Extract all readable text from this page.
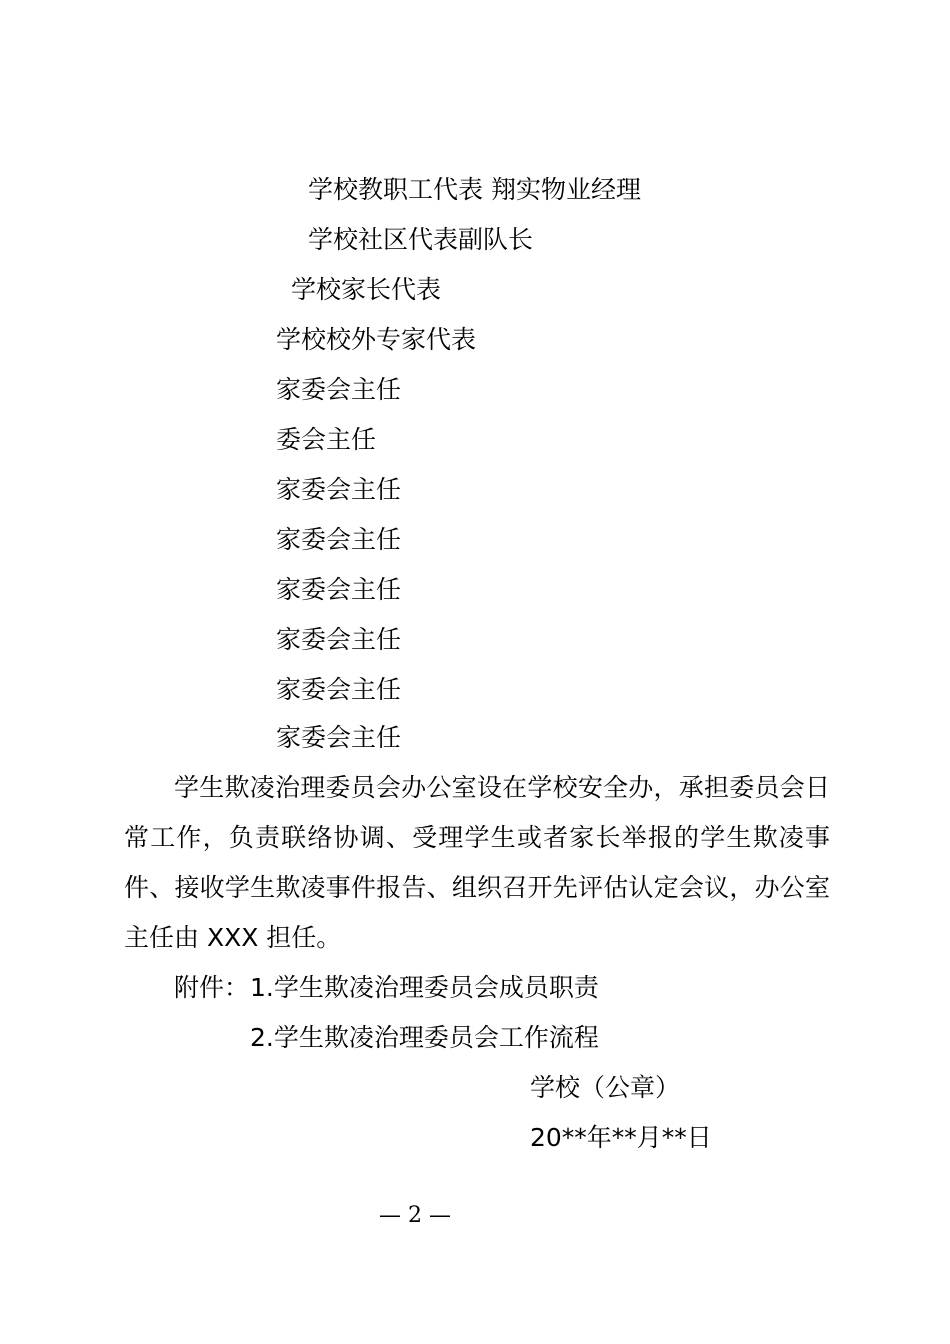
学校教职工代表 翔实物业经理
学校社区代表副队长
学校家长代表
学校校外专家代表
家委会主任
委会主任
家委会主任
家委会主任
家委会主任
家委会主任
家委会主任
家委会主任
学生欺凌治理委员会办公室设在学校安全办，承担委员会日常工作，负责联络协调、受理学生或者家长举报的学生欺凌事件、接收学生欺凌事件报告、组织召开先评估认定会议，办公室主任由 XXX 担任。
附件： 1.学生欺凌治理委员会成员职责
2.学生欺凌治理委员会工作流程
学校（公章）
20**年**月**日
— 2 —
